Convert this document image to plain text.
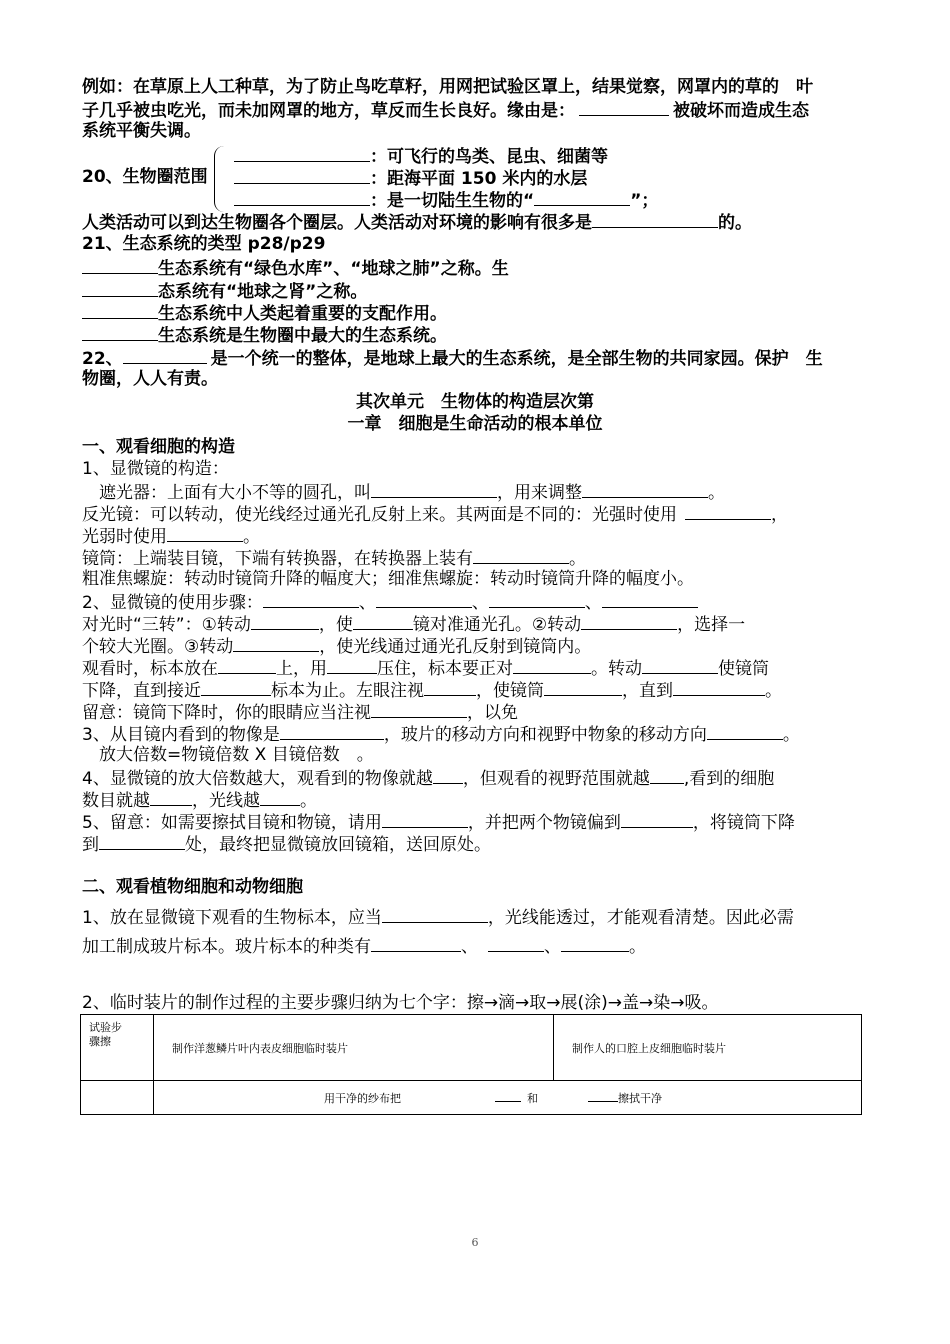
例如：在草原上人工种草，为了防止鸟吃草籽，用网把试验区罩上，结果觉察，网罩内的草的　叶
子几乎被虫吃光，而未加网罩的地方，草反而生长良好。缘由是：	被破坏而造成生态
系统平衡失调。
20、生物圈范围
：可飞行的鸟类、昆虫、细菌等
：距海平面 150 米内的水层
：是一切陆生生物的“	”；
人类活动可以到达生物圈各个圈层。人类活动对环境的影响有很多是	的。
21、生态系统的类型 p28/p29
生态系统有“绿色水库”、“地球之肺”之称。生
态系统有“地球之肾”之称。
生态系统中人类起着重要的支配作用。
生态系统是生物圈中最大的生态系统。
22、	是一个统一的整体，是地球上最大的生态系统，是全部生物的共同家园。保护　生
物圈，人人有责。
其次单元　生物体的构造层次第
一章　细胞是生命活动的根本单位
一、观看细胞的构造
1、显微镜的构造：
　遮光器：上面有大小不等的圆孔，叫	，用来调整	。
反光镜：可以转动，使光线经过通光孔反射上来。其两面是不同的：光强时使用	，
光弱时使用	。
镜筒：上端装目镜，下端有转换器，在转换器上装有	。
粗准焦螺旋：转动时镜筒升降的幅度大；细准焦螺旋：转动时镜筒升降的幅度小。
2、显微镜的使用步骤：	、	、	、
对光时“三转”：①转动	，使	镜对准通光孔。②转动	，选择一
个较大光圈。③转动	，使光线通过通光孔反射到镜筒内。
观看时，标本放在	上，用	压住，标本要正对	。转动	使镜筒
下降，直到接近	标本为止。左眼注视	，使镜筒	，直到	。
留意：镜筒下降时，你的眼睛应当注视	，以免
3、从目镜内看到的物像是	，玻片的移动方向和视野中物象的移动方向	。
　放大倍数=物镜倍数 X 目镜倍数　。
4、显微镜的放大倍数越大，观看到的物像就越 ，但观看的视野范围就越 ,看到的细胞
数目就越 ，光线越 。
5、留意：如需要擦拭目镜和物镜，请用	，并把两个物镜偏到	，将镜筒下降
到	处，最终把显微镜放回镜箱，送回原处。
二、观看植物细胞和动物细胞
1、放在显微镜下观看的生物标本，应当	，光线能透过，才能观看清楚。因此必需
加工制成玻片标本。玻片标本的种类有	、	、	。
2、临时装片的制作过程的主要步骤归纳为七个字：擦→滴→取→展(涂)→盖→染→吸。
试验步骤擦	制作洋葱鳞片叶内表皮细胞临时装片	制作人的口腔上皮细胞临时装片
	用干净的纱布把 和 擦拭干净	
6
